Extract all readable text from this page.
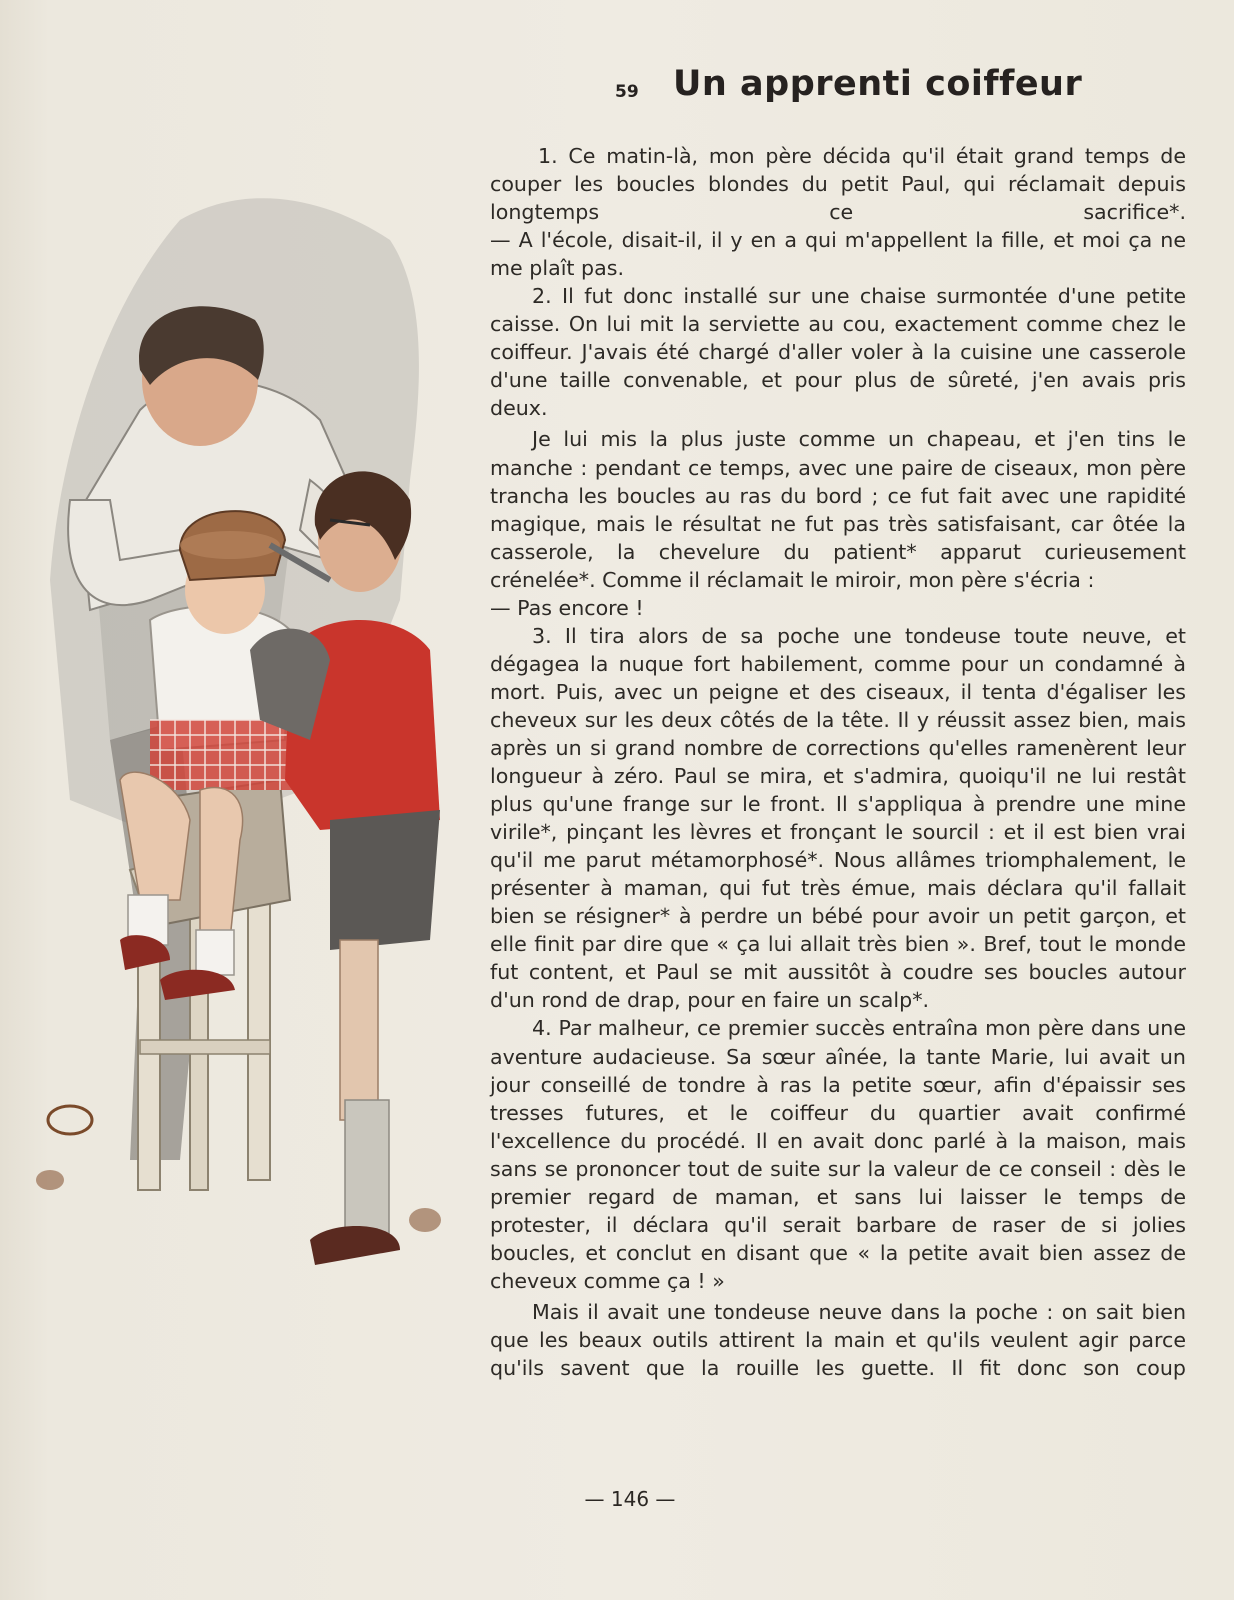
59 Un apprenti coiffeur

1. Ce matin-là, mon père décida qu'il était grand temps de couper les boucles blondes du petit Paul, qui réclamait depuis longtemps ce sacrifice*.

— A l'école, disait-il, il y en a qui m'appellent la fille, et moi ça ne me plaît pas.

2. Il fut donc installé sur une chaise surmontée d'une petite caisse. On lui mit la serviette au cou, exactement comme chez le coiffeur. J'avais été chargé d'aller voler à la cuisine une casserole d'une taille convenable, et pour plus de sûreté, j'en avais pris deux.

Je lui mis la plus juste comme un chapeau, et j'en tins le manche : pendant ce temps, avec une paire de ciseaux, mon père trancha les boucles au ras du bord ; ce fut fait avec une rapidité magique, mais le résultat ne fut pas très satisfaisant, car ôtée la casserole, la chevelure du patient* apparut curieusement crénelée*. Comme il réclamait le miroir, mon père s'écria :

— Pas encore !

3. Il tira alors de sa poche une tondeuse toute neuve, et dégagea la nuque fort habilement, comme pour un condamné à mort. Puis, avec un peigne et des ciseaux, il tenta d'égaliser les cheveux sur les deux côtés de la tête. Il y réussit assez bien, mais après un si grand nombre de corrections qu'elles ramenèrent leur longueur à zéro. Paul se mira, et s'admira, quoiqu'il ne lui restât plus qu'une frange sur le front. Il s'appliqua à prendre une mine virile*, pinçant les lèvres et fronçant le sourcil : et il est bien vrai qu'il me parut métamorphosé*. Nous allâmes triomphalement, le présenter à maman, qui fut très émue, mais déclara qu'il fallait bien se résigner* à perdre un bébé pour avoir un petit garçon, et elle finit par dire que « ça lui allait très bien ». Bref, tout le monde fut content, et Paul se mit aussitôt à coudre ses boucles autour d'un rond de drap, pour en faire un scalp*.

4. Par malheur, ce premier succès entraîna mon père dans une aventure audacieuse. Sa sœur aînée, la tante Marie, lui avait un jour conseillé de tondre à ras la petite sœur, afin d'épaissir ses tresses futures, et le coiffeur du quartier avait confirmé l'excellence du procédé. Il en avait donc parlé à la maison, mais sans se prononcer tout de suite sur la valeur de ce conseil : dès le premier regard de maman, et sans lui laisser le temps de protester, il déclara qu'il serait barbare de raser de si jolies boucles, et conclut en disant que « la petite avait bien assez de cheveux comme ça ! »

Mais il avait une tondeuse neuve dans la poche : on sait bien que les beaux outils attirent la main et qu'ils veulent agir parce qu'ils savent que la rouille les guette. Il fit donc son coup

— 146 —
